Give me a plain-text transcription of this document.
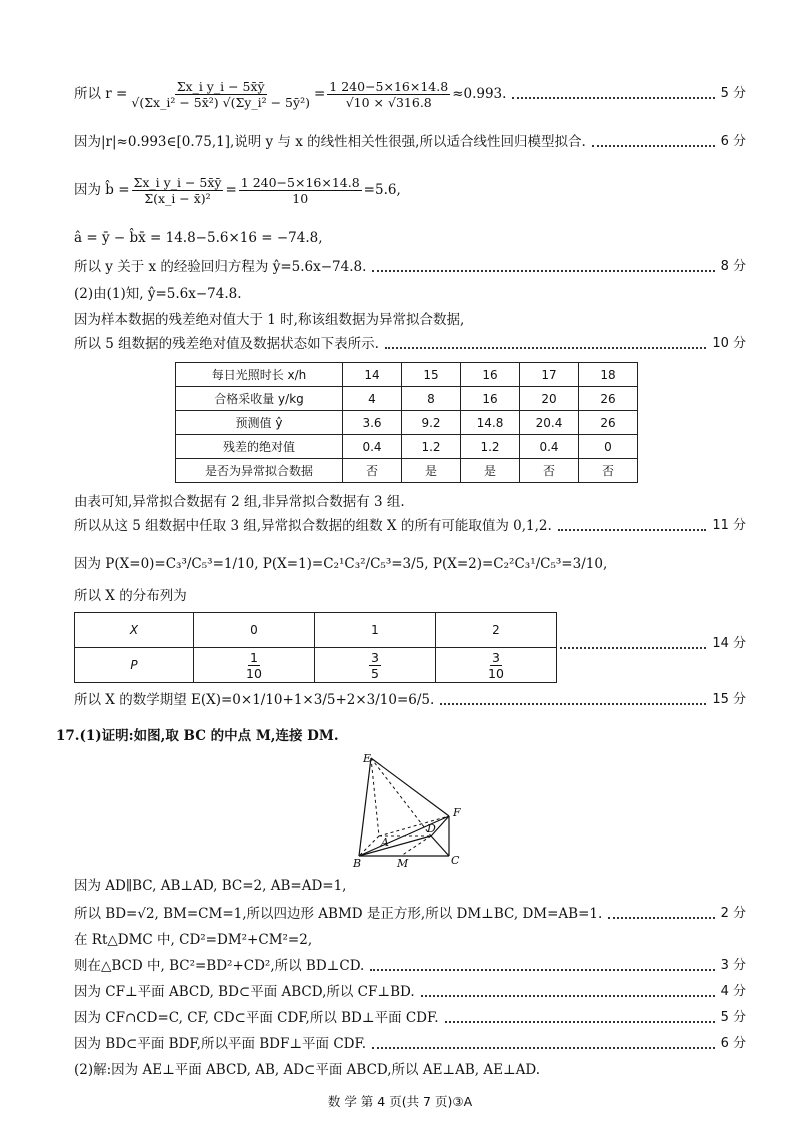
所以 $r = \frac{\text{Σx\_i y\_i − 5x̄ȳ}}{\text{√(Σx\_i² − 5x̄²) √(Σy\_i² − 5ȳ²)}} = \frac{1 240-5\times 16\times 14.8}{√10 \times √316.8} \approx 0.993$.	5 分
因为|r|≈0.993∈[0.75,1],说明 y 与 x 的线性相关性很强,所以适合线性回归模型拟合.	6 分
因为 b̂ = $\frac{\text{Σx\_i y\_i − 5x̄ȳ}}{\text{Σ(x\_i − x̄)²}} = \frac{1 240-5\times 16\times 14.8}{10} =5.6$,
â = ȳ − b̂x̄ = 14.8−5.6×16 = −74.8,
所以 y 关于 x 的经验回归方程为 ŷ=5.6x−74.8.	8 分
(2)由(1)知, ŷ=5.6x−74.8.
因为样本数据的残差绝对值大于 1 时,称该组数据为异常拟合数据,
所以 5 组数据的残差绝对值及数据状态如下表所示.	10 分
每日光照时长 x/h	14	15	16	17	18
合格采收量 y/kg	4	8	16	20	26
预测值 ŷ	3.6	9.2	14.8	20.4	26
残差的绝对值	0.4	1.2	1.2	0.4	0
是否为异常拟合数据	否	是	是	否	否
由表可知,异常拟合数据有 2 组,非异常拟合数据有 3 组.
所以从这 5 组数据中任取 3 组,异常拟合数据的组数 X 的所有可能取值为 0,1,2.	11 分
因为 P(X=0)=C₃³/C₅³=1/10, P(X=1)=C₂¹C₃²/C₅³=3/5, P(X=2)=C₂²C₃¹/C₅³=3/10,
所以 X 的分布列为
X	0	1	2
P	$\frac{1}{10}$	$\frac{3}{5}$	$\frac{3}{10}$
14 分
所以 X 的数学期望 E(X)=0×1/10+1×3/5+2×3/10=6/5.	15 分
17.(1)证明:如图,取 BC 的中点 M,连接 DM.
E
A
F
D
B	M	C
因为 AD∥BC, AB⊥AD, BC=2, AB=AD=1,
所以 BD=√2, BM=CM=1,所以四边形 ABMD 是正方形,所以 DM⊥BC, DM=AB=1.	2 分
在 Rt△DMC 中, CD²=DM²+CM²=2,
则在△BCD 中, BC²=BD²+CD²,所以 BD⊥CD.	3 分
因为 CF⊥平面 ABCD, BD⊂平面 ABCD,所以 CF⊥BD.	4 分
因为 CF∩CD=C, CF, CD⊂平面 CDF,所以 BD⊥平面 CDF.	5 分
因为 BD⊂平面 BDF,所以平面 BDF⊥平面 CDF.	6 分
(2)解:因为 AE⊥平面 ABCD, AB, AD⊂平面 ABCD,所以 AE⊥AB, AE⊥AD.
数 学 第 4 页(共 7 页)③A
